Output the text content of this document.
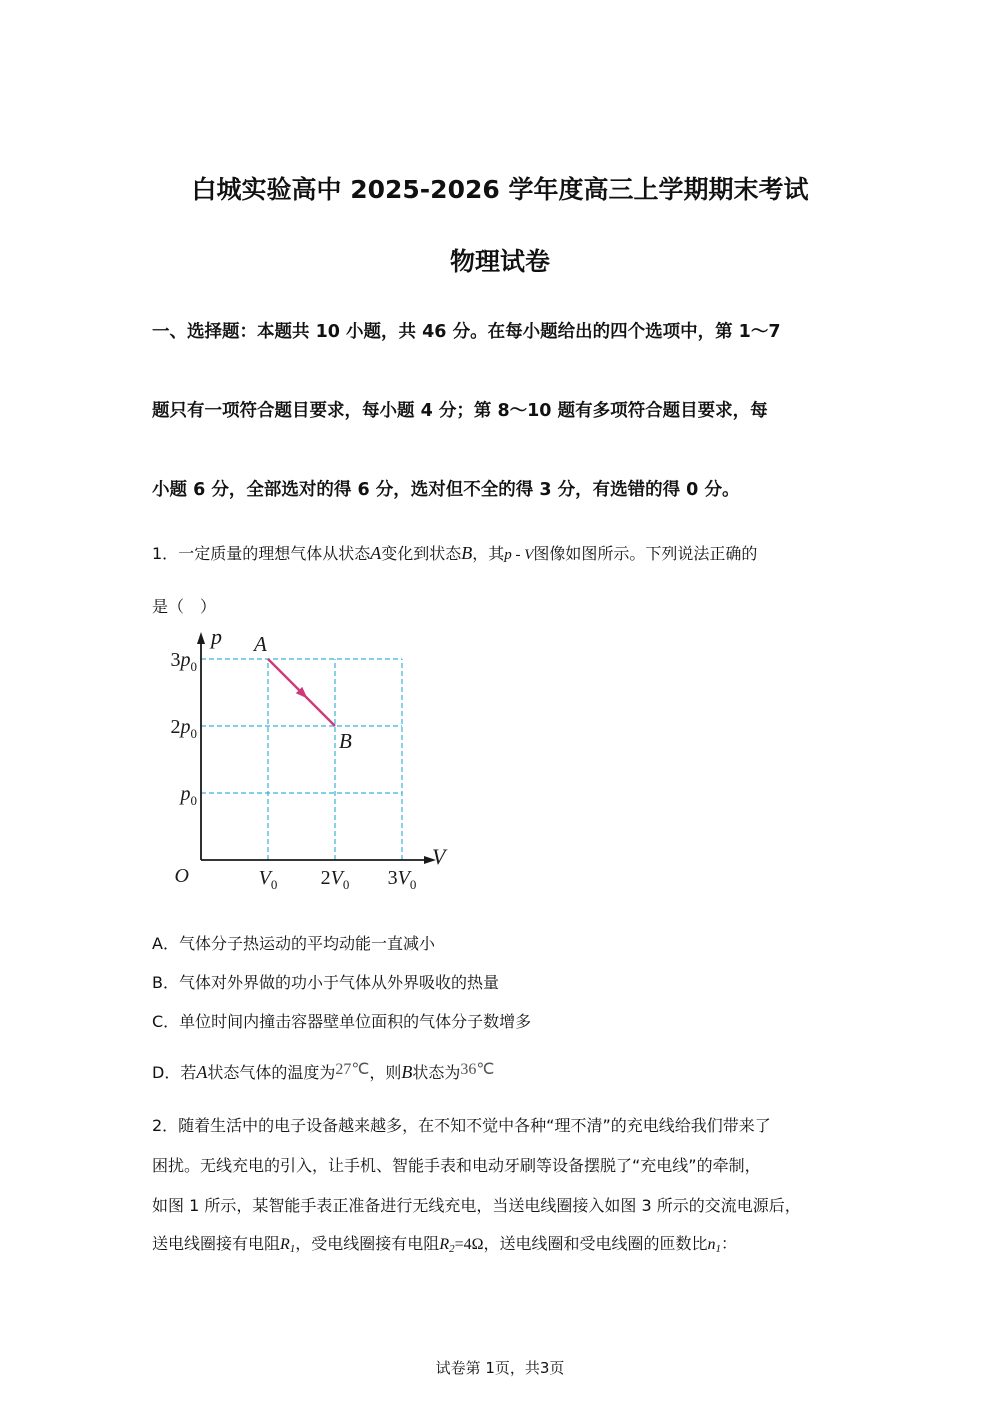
白城实验高中 2025-2026 学年度高三上学期期末考试
物理试卷
一、选择题：本题共 10 小题，共 46 分。在每小题给出的四个选项中，第 1～7
题只有一项符合题目要求，每小题 4 分；第 8～10 题有多项符合题目要求，每
小题 6 分，全部选对的得 6 分，选对但不全的得 3 分，有选错的得 0 分。
1．一定质量的理想气体从状态A变化到状态B，其p - V图像如图所示。下列说法正确的
是（　）
p
V
O
A
B
$3p_0$
$2p_0$
$p_0$
$V_0$ $2V_0$ $3V_0$
A．气体分子热运动的平均动能一直减小
B．气体对外界做的功小于气体从外界吸收的热量
C．单位时间内撞击容器壁单位面积的气体分子数增多
D．若A状态气体的温度为27℃，则B状态为36℃
2．随着生活中的电子设备越来越多，在不知不觉中各种“理不清”的充电线给我们带来了
困扰。无线充电的引入，让手机、智能手表和电动牙刷等设备摆脱了“充电线”的牵制，
如图 1 所示，某智能手表正准备进行无线充电，当送电线圈接入如图 3 所示的交流电源后，
送电线圈接有电阻$R_1$，受电线圈接有电阻$R_2=4\Omega$，送电线圈和受电线圈的匝数比$n_1$：
试卷第 1页，共3页
